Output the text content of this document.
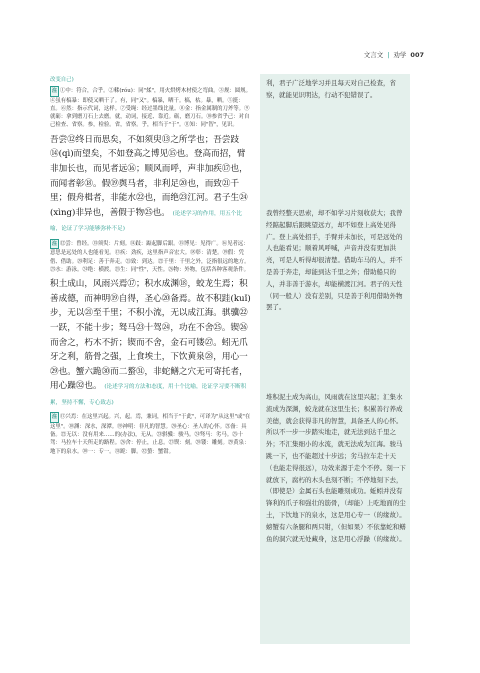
文言文 | 劝学 007

改变自己)

注 ①中：符合，合乎。②輮(róu)：同"煣"，用火烘烤木材使之弯曲。③规：圆规。④虽有槁暴：即使又晒干了。有，同"又"。槁暴，晒干。槁，枯。暴，晒。⑤挺：直。⑥然：指示代词，这样。⑦受绳：经过墨线比量。⑧金：指金属制的刀斧等。⑨就砺：拿到磨刀石上去磨。就，动词，接近、靠近。砺，磨刀石。⑩参省乎己：对自己检查、省察。参，检验。省，省察。乎，相当于"于"。⑪知：同"智"，见识。

吾尝⑫终日而思矣，不如须臾⑬之所学也；吾尝跂⑭(qì)而望矣，不如登高之博见⑮也。登高而招，臂非加长也，而见者远⑯；顺风而呼，声非加疾⑰也，而闻者彰⑱。假⑲舆马者，非利足⑳也，而致㉑千里；假舟楫者，非能水㉒也，而绝㉓江河。君子生㉔(xìng)非异也，善假于物㉕也。 (论述学习的作用，用五个比喻，论证了学习能够弥补不足)

注 ⑫尝：曾经。⑬须臾：片刻。⑭跂：踮起脚后跟。⑮博见：见得广。⑯见者远：意思是远处的人也能看见。⑰疾：劲疾，这里指声音宏大。⑱彰：清楚。⑲假：凭借、借助。⑳利足：善于奔走。㉑致：到达。㉒千里：千里之外，泛指很远的地方。㉓水：游泳。㉔绝：横渡。㉕生：同"性"，天性。㉖物：外物，包括各种客观条件。

积土成山，风雨兴焉⑰；积水成渊⑱，蛟龙生焉；积善成德，而神明⑲自得，圣心⑳备焉。故不积跬(kuǐ)步，无以㉑至千里；不积小流，无以成江海。骐骥㉒一跃，不能十步；驽马㉓十驾㉔，功在不舍㉕。锲㉖而舍之，朽木不折；锲而不舍，金石可镂㉗。蚓无爪牙之利，筋骨之强，上食埃土，下饮黄泉㉘，用心一㉙也。蟹六跪㉚而二螯㉛，非蛇鳝之穴无可寄托者，用心躁㉜也。 (论述学习的方法和态度，用十个比喻，论证学习要不断积累，坚持不懈，专心致志)

注 ⑰兴焉：在这里兴起。兴，起。焉，兼词，相当于"于此"，可译为"从这里"或"在这里"。⑱渊：深水，深潭。⑲神明：非凡的智慧。⑳圣心：圣人的心怀。㉑备：具备。㉒无以：没有用来……的(办法)，无从。㉓骐骥：骏马。㉔驽马：劣马。㉕十驾：马拉车十天所走的路程。㉖舍：停止，止息。㉗锲：刻。㉘镂：雕刻。㉙黄泉：地下的泉水。㉚一：专一。㉛跪：脚。㉜螯：蟹钳。

利，君子广泛地学习并且每天对自己检查，省察，就能见识明达，行动不犯错误了。

我曾经整天思索，却不如学习片刻收获大；我曾经踮起脚后跟眺望远方，却不如登上高处见得广。登上高处招手，手臂并未加长，可是远处的人也能看见；顺着风呼喊，声音并没有更加洪亮，可是人听得却很清楚。借助车马的人，并不是善于奔走，却能到达千里之外；借助船只的人，并非善于游水，却能横渡江河。君子的天性（同一般人）没有差别，只是善于利用借助外物罢了。

堆积泥土成为高山，风雨就在这里兴起；汇集水流成为深渊，蛟龙就在这里生长；积累善行养成美德，就会获得非凡的智慧，具备圣人的心怀。所以不一步一步踏实地走，就无法到达千里之外；不汇集细小的水流，就无法成为江海。骏马跳一下，也不能超过十步远；劣马拉车走十天（也能走得很远），功效来源于走个不停。刻一下就放下，腐朽的木头也刻不断；不停地刻下去，（即使是）金属石头也能雕刻成功。蚯蚓并没有锋利的爪子和强壮的筋骨，（却能）上吃地面的尘土，下饮地下的泉水，这是用心专一（的缘故）。螃蟹有六条腿和两只钳，（但如果）不依靠蛇和鳝鱼的洞穴就无处藏身，这是用心浮躁（的缘故）。
